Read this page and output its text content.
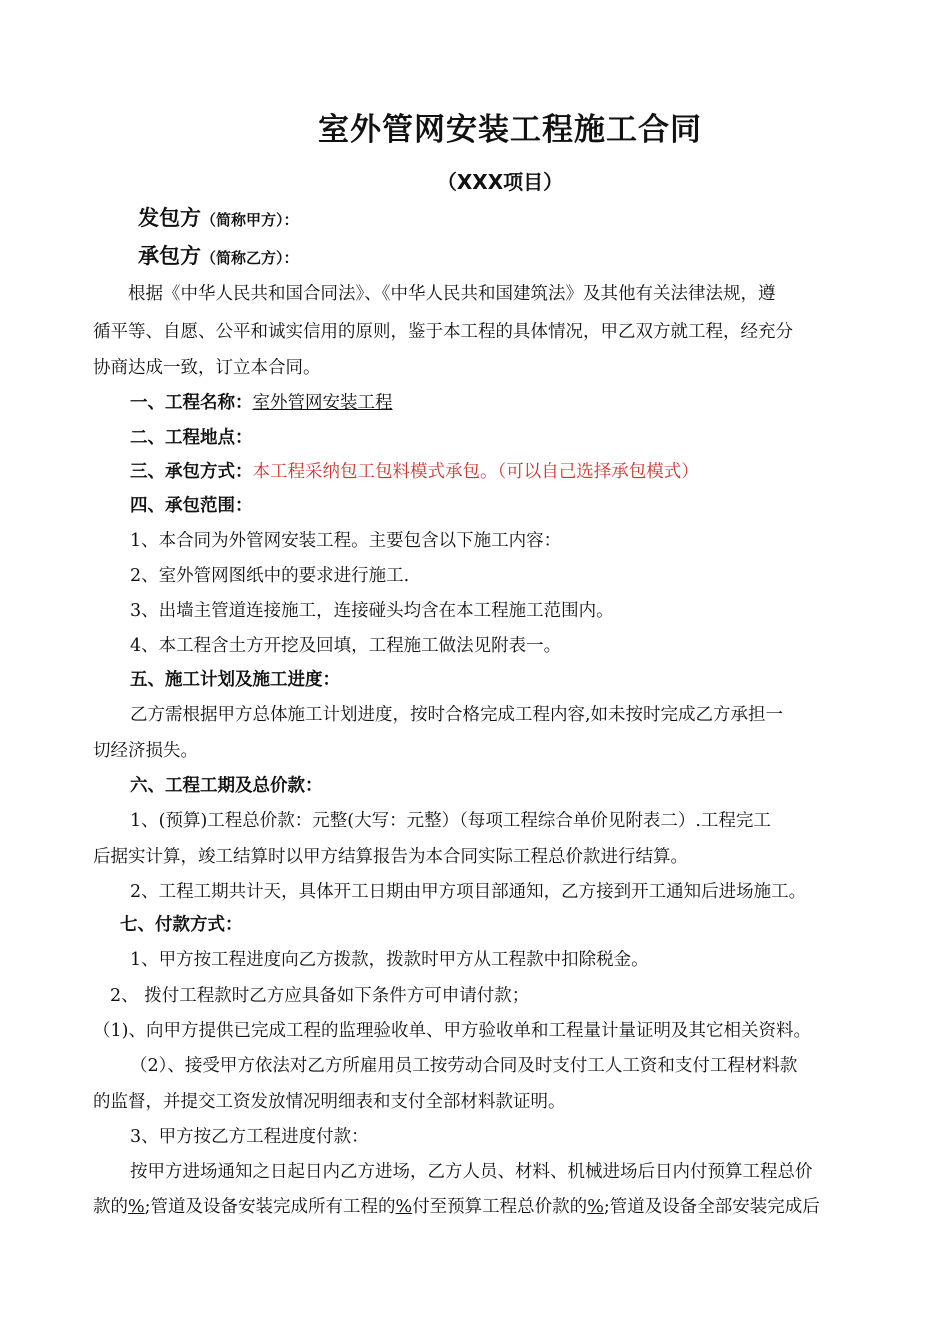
室外管网安装工程施工合同
（XXX项目）
发包方（简称甲方）：
承包方（简称乙方）：
根据《中华人民共和国合同法》、《中华人民共和国建筑法》及其他有关法律法规，遵
循平等、自愿、公平和诚实信用的原则，鉴于本工程的具体情况，甲乙双方就工程，经充分
协商达成一致，订立本合同。
一、工程名称：室外管网安装工程
二、工程地点：
三、承包方式：本工程采纳包工包料模式承包。（可以自己选择承包模式）
四、承包范围：
1、本合同为外管网安装工程。主要包含以下施工内容：
2、室外管网图纸中的要求进行施工.
3、出墙主管道连接施工，连接碰头均含在本工程施工范围内。
4、本工程含土方开挖及回填，工程施工做法见附表一。
五、施工计划及施工进度：
乙方需根据甲方总体施工计划进度，按时合格完成工程内容,如未按时完成乙方承担一
切经济损失。
六、工程工期及总价款：
1、(预算)工程总价款：元整(大写：元整）（每项工程综合单价见附表二）.工程完工
后据实计算，竣工结算时以甲方结算报告为本合同实际工程总价款进行结算。
2、工程工期共计天，具体开工日期由甲方项目部通知，乙方接到开工通知后进场施工。
七、付款方式：
1、甲方按工程进度向乙方拨款，拨款时甲方从工程款中扣除税金。
2、 拨付工程款时乙方应具备如下条件方可申请付款；
（1)、向甲方提供已完成工程的监理验收单、甲方验收单和工程量计量证明及其它相关资料。
（2）、接受甲方依法对乙方所雇用员工按劳动合同及时支付工人工资和支付工程材料款
的监督，并提交工资发放情况明细表和支付全部材料款证明。
3、甲方按乙方工程进度付款：
按甲方进场通知之日起日内乙方进场，乙方人员、材料、机械进场后日内付预算工程总价
款的%;管道及设备安装完成所有工程的%付至预算工程总价款的%;管道及设备全部安装完成后
